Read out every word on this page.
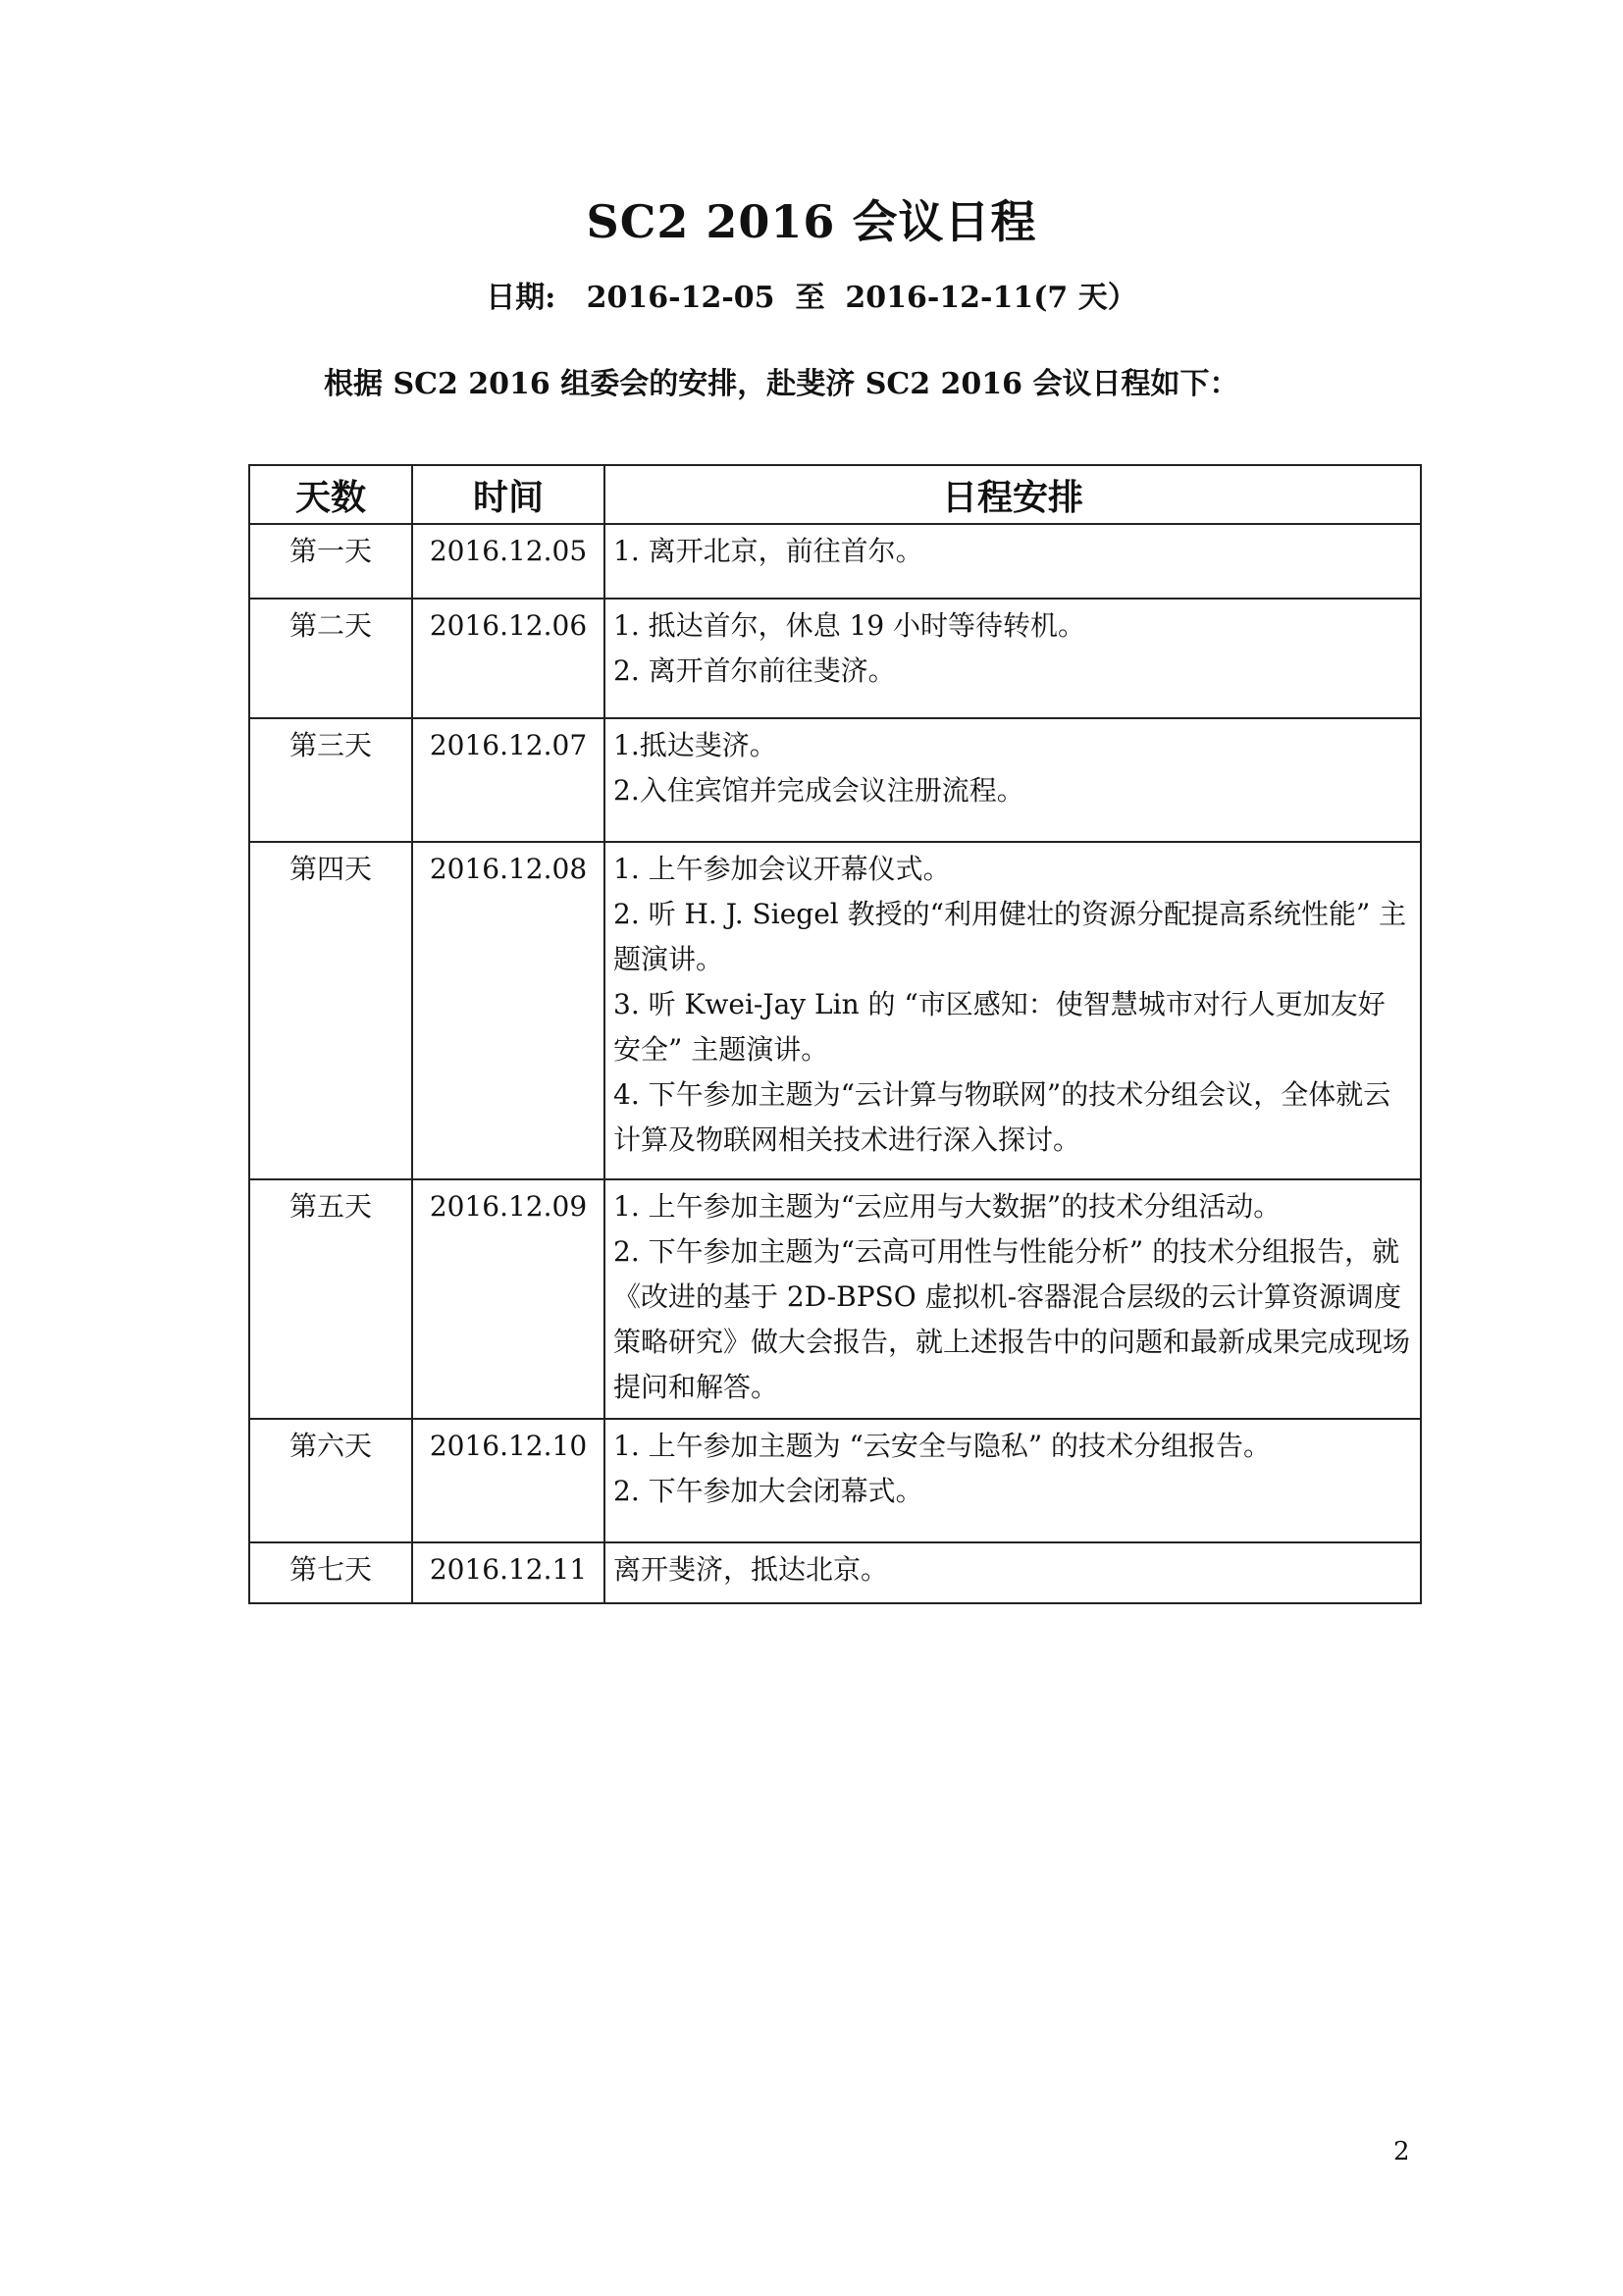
SC2 2016 会议日程
日期: 2016-12-05 至 2016-12-11(7 天）
根据 SC2 2016 组委会的安排，赴斐济 SC2 2016 会议日程如下：
天数	时间	日程安排
第一天	2016.12.05	1. 离开北京，前往首尔。

第二天	2016.12.06	1. 抵达首尔，休息 19 小时等待转机。
2. 离开首尔前往斐济。

第三天	2016.12.07	1.抵达斐济。
2.入住宾馆并完成会议注册流程。

第四天	2016.12.08	1. 上午参加会议开幕仪式。
2. 听 H. J. Siegel 教授的“利用健壮的资源分配提高系统性能” 主题演讲。
3. 听 Kwei-Jay Lin 的 “市区感知：使智慧城市对行人更加友好安全” 主题演讲。
4. 下午参加主题为“云计算与物联网”的技术分组会议，全体就云计算及物联网相关技术进行深入探讨。

第五天	2016.12.09	1. 上午参加主题为“云应用与大数据”的技术分组活动。
2. 下午参加主题为“云高可用性与性能分析” 的技术分组报告，就《改进的基于 2D-BPSO 虚拟机-容器混合层级的云计算资源调度策略研究》做大会报告，就上述报告中的问题和最新成果完成现场提问和解答。

第六天	2016.12.10	1. 上午参加主题为 “云安全与隐私” 的技术分组报告。
2. 下午参加大会闭幕式。

第七天	2016.12.11	离开斐济，抵达北京。
2
